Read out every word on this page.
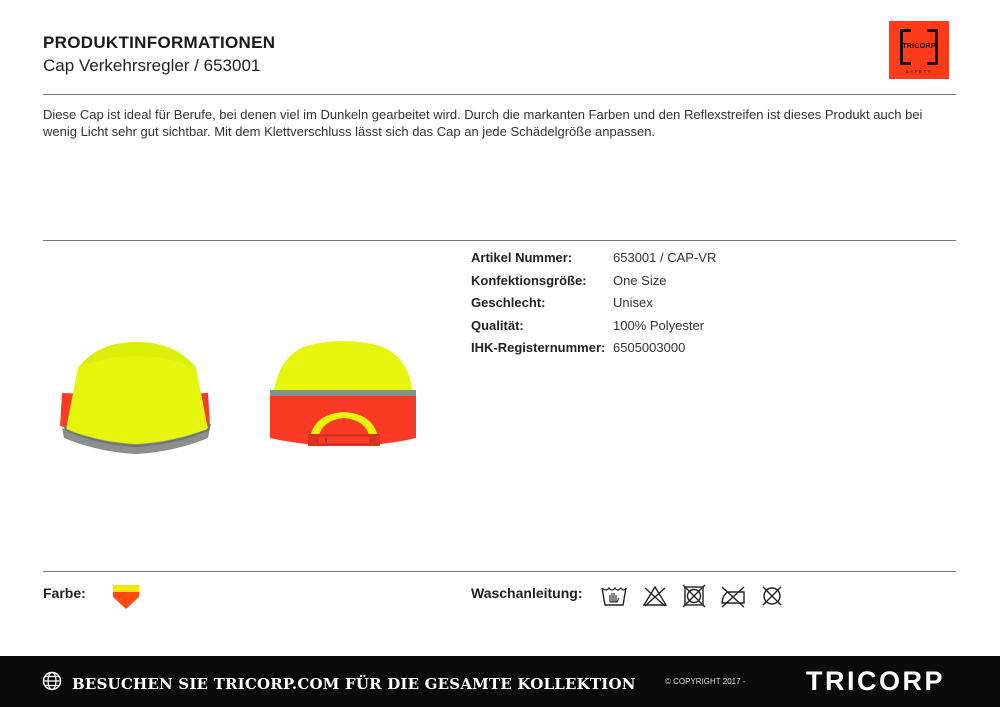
PRODUKTINFORMATIONEN
Cap Verkehrsregler / 653001
TRICORP
SAFETY
Diese Cap ist ideal für Berufe, bei denen viel im Dunkeln gearbeitet wird. Durch die markanten Farben und den Reflexstreifen ist dieses Produkt auch bei wenig Licht sehr gut sichtbar. Mit dem Klettverschluss lässt sich das Cap an jede Schädelgröße anpassen.
Artikel Nummer:	653001 / CAP-VR
Konfektionsgröße:	One Size
Geschlecht:	Unisex
Qualität:	100% Polyester
IHK-Registernummer:	6505003000
Farbe:	Waschanleitung:
BESUCHEN SIE TRICORP.COM FÜR DIE GESAMTE KOLLEKTION	© COPYRIGHT 2017 - TRICORP
